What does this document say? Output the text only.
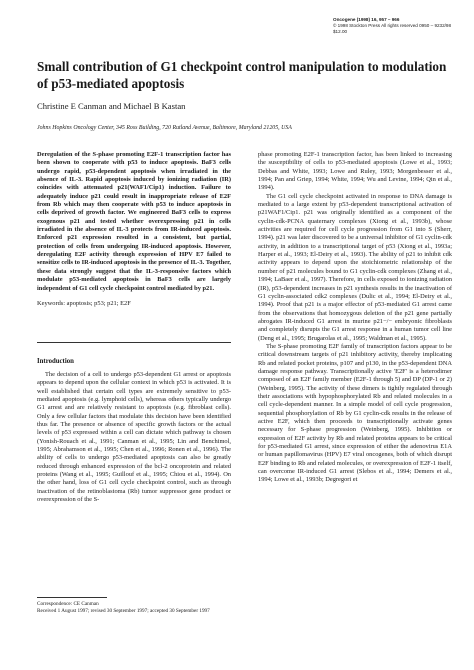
Oncogene (1998) 16, 957 – 966
© 1998 Stockton Press All rights reserved 0950 – 9232/98 $12.00
Small contribution of G1 checkpoint control manipulation to modulation of p53-mediated apoptosis
Christine E Canman and Michael B Kastan
Johns Hopkins Oncology Center, 345 Ross Building, 720 Rutland Avenue, Baltimore, Maryland 21205, USA

Deregulation of the S-phase promoting E2F-1 transcription factor has been shown to cooperate with p53 to induce apoptosis. BaF3 cells undergo rapid, p53-dependent apoptosis when irradiated in the absence of IL-3. Rapid apoptosis induced by ionizing radiation (IR) coincides with attenuated p21(WAF1/Cip1) induction. Failure to adequately induce p21 could result in inappropriate release of E2F from Rb which may then cooperate with p53 to induce apoptosis in cells deprived of growth factor. We engineered BaF3 cells to express exogenous p21 and tested whether overexpressing p21 in cells irradiated in the absence of IL-3 protects from IR-induced apoptosis. Enforced p21 expression resulted in a consistent, but partial, protection of cells from undergoing IR-induced apoptosis. However, deregulating E2F activity through expression of HPV E7 failed to sensitize cells to IR-induced apoptosis in the presence of IL-3. Together, these data strongly suggest that the IL-3-responsive factors which modulate p53-mediated apoptosis in BaF3 cells are largely independent of G1 cell cycle checkpoint control mediated by p21.

Keywords: apoptosis; p53; p21; E2F

Introduction

The decision of a cell to undergo p53-dependent G1 arrest or apoptosis appears to depend upon the cellular context in which p53 is activated. It is well established that certain cell types are extremely sensitive to p53-mediated apoptosis (e.g. lymphoid cells), whereas others typically undergo G1 arrest and are relatively resistant to apoptosis (e.g. fibroblast cells). Only a few cellular factors that modulate this decision have been identified thus far. The presence or absence of specific growth factors or the actual levels of p53 expressed within a cell can dictate which pathway is chosen (Yonish-Rouach et al., 1991; Canman et al., 1995; Lin and Benchimol, 1995; Abrahamson et al., 1995; Chen et al., 1996; Ronen et al., 1996). The ability of cells to undergo p53-mediated apoptosis can also be greatly reduced through enhanced expression of the bcl-2 oncoprotein and related proteins (Wang et al., 1995; Guillouf et al., 1995; Chiou et al., 1994). On the other hand, loss of G1 cell cycle checkpoint control, such as through inactivation of the retinoblastoma (Rb) tumor suppressor gene product or overexpression of the S-

phase promoting E2F-1 transcription factor, has been linked to increasing the susceptibility of cells to p53-mediated apoptosis (Lowe et al., 1993; Debbas and White, 1993; Lowe and Ruley, 1993; Morgenbesser et al., 1994; Pan and Griep, 1994; White, 1994; Wu and Levine, 1994; Qin et al., 1994).

The G1 cell cycle checkpoint activated in response to DNA damage is mediated to a large extent by p53-dependent transcriptional activation of p21WAF1/Cip1. p21 was originally identified as a component of the cyclin-cdk-PCNA quaternary complexes (Xiong et al., 1993b), whose activities are required for cell cycle progression from G1 into S (Sherr, 1994). p21 was later discovered to be a universal inhibitor of G1 cyclin-cdk activity, in addition to a transcriptional target of p53 (Xiong et al., 1993a; Harper et al., 1993; El-Deiry et al., 1993). The ability of p21 to inhibit cdk activity appears to depend upon the stoichiometric relationship of the number of p21 molecules bound to G1 cyclin-cdk complexes (Zhang et al., 1994; LaBaer et al., 1997). Therefore, in cells exposed to ionizing radiation (IR), p53-dependent increases in p21 synthesis results in the inactivation of G1 cyclin-associated cdk2 complexes (Dulic et al., 1994; El-Deiry et al., 1994). Proof that p21 is a major effector of p53-mediated G1 arrest came from the observations that homozygous deletion of the p21 gene partially abrogates IR-induced G1 arrest in murine p21−/− embryonic fibroblasts and completely disrupts the G1 arrest response in a human tumor cell line (Deng et al., 1995; Brugarolas et al., 1995; Waldman et al., 1995).

The S-phase promoting E2F family of transcription factors appear to be critical downstream targets of p21 inhibitory activity, thereby implicating Rb and related pocket proteins, p107 and p130, in the p53-dependent DNA damage response pathway. Transcriptionally active 'E2F' is a heterodimer composed of an E2F family member (E2F-1 through 5) and DP (DP-1 or 2) (Weinberg, 1995). The activity of these dimers is tightly regulated through their associations with hypophosphorylated Rb and related molecules in a cell cycle-dependent manner. In a simple model of cell cycle progression, sequential phosphorylation of Rb by G1 cyclin-cdk results in the release of active E2F, which then proceeds to transcriptionally activate genes necessary for S-phase progression (Weinberg, 1995). Inhibition or expression of E2F activity by Rb and related proteins appears to be critical for p53-mediated G1 arrest, since expression of either the adenovirus E1A or human papillomavirus (HPV) E7 viral oncogenes, both of which disrupt E2F binding to Rb and related molecules, or overexpression of E2F-1 itself, can overcome IR-induced G1 arrest (Slebos et al., 1994; Demers et al., 1994; Lowe et al., 1993b; Degregori et

Correspondence: CE Canman

Received 1 August 1997; revised 30 September 1997; accepted 30 September 1997
